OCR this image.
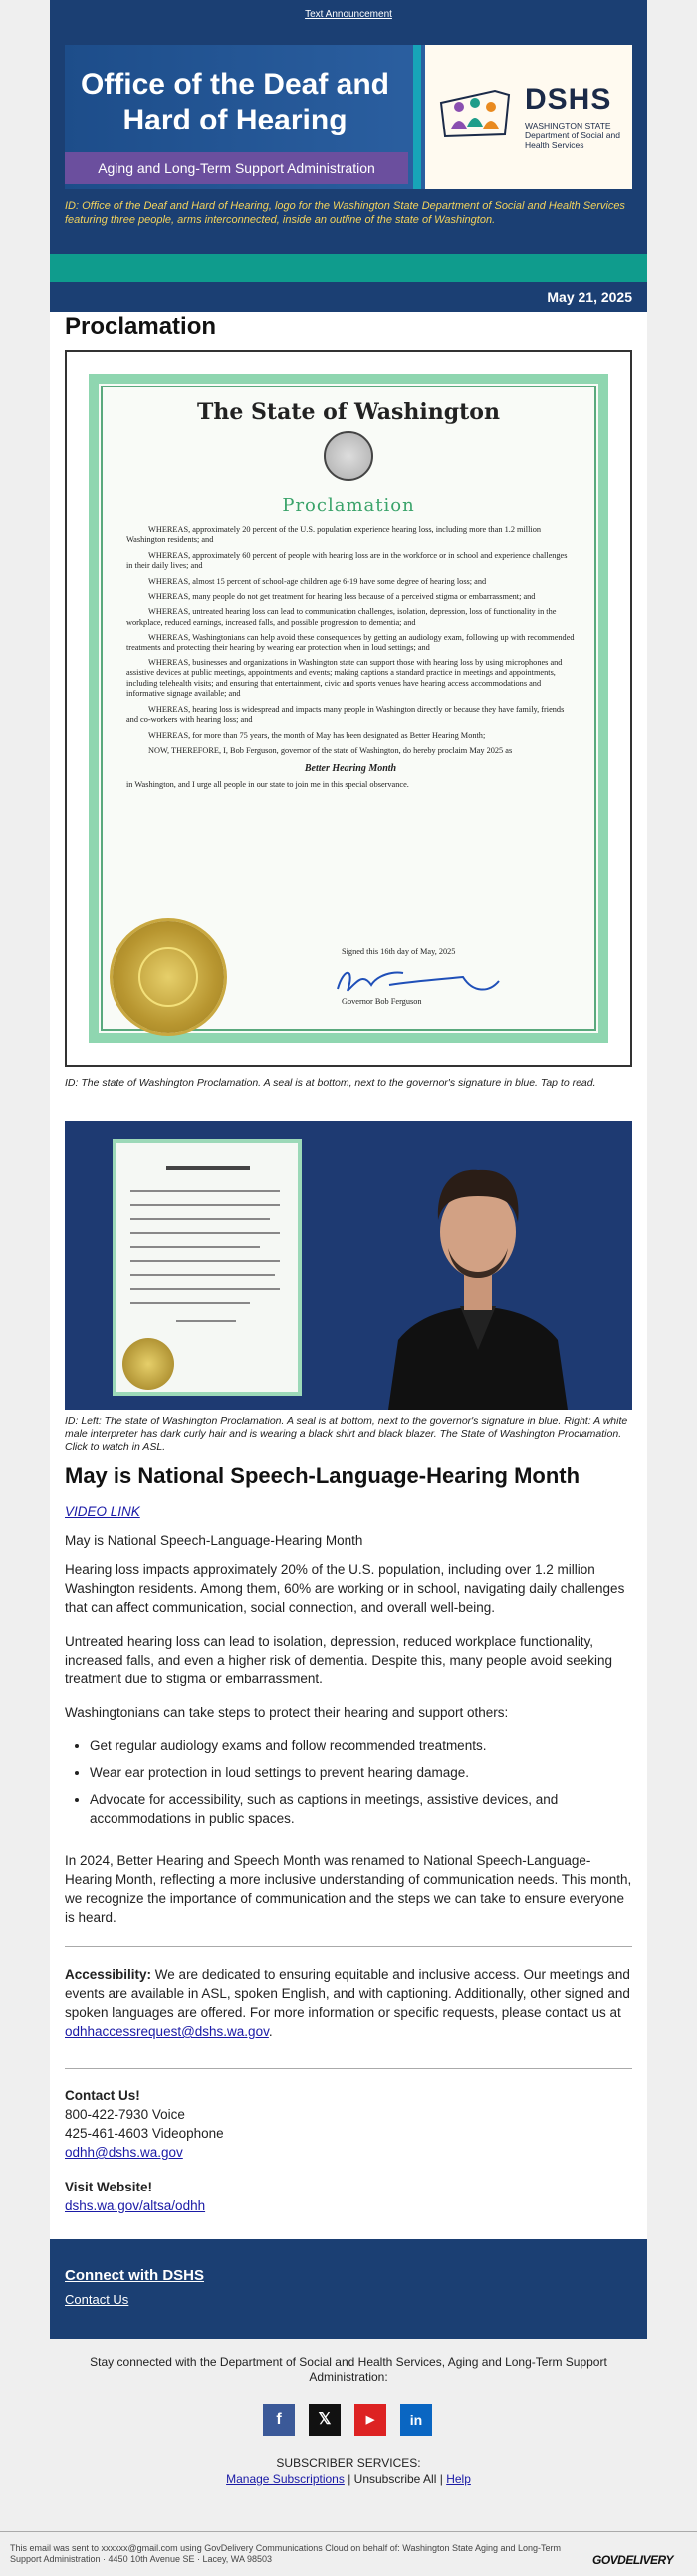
Text Announcement
Office of the Deaf and Hard of Hearing
Aging and Long-Term Support Administration
DSHS
WASHINGTON STATE Department of Social and Health Services
ID: Office of the Deaf and Hard of Hearing, logo for the Washington State Department of Social and Health Services featuring three people, arms interconnected, inside an outline of the state of Washington.
May 21, 2025
Proclamation
The State of Washington
Proclamation

WHEREAS, approximately 20 percent of the U.S. population experience hearing loss, including more than 1.2 million Washington residents; and

WHEREAS, approximately 60 percent of people with hearing loss are in the workforce or in school and experience challenges in their daily lives; and

WHEREAS, almost 15 percent of school-age children age 6-19 have some degree of hearing loss; and

WHEREAS, many people do not get treatment for hearing loss because of a perceived stigma or embarrassment; and

WHEREAS, untreated hearing loss can lead to communication challenges, isolation, depression, loss of functionality in the workplace, reduced earnings, increased falls, and possible progression to dementia; and

WHEREAS, Washingtonians can help avoid these consequences by getting an audiology exam, following up with recommended treatments and protecting their hearing by wearing ear protection when in loud settings; and

WHEREAS, businesses and organizations in Washington state can support those with hearing loss by using microphones and assistive devices at public meetings, appointments and events; making captions a standard practice in meetings and appointments, including telehealth visits; and ensuring that entertainment, civic and sports venues have hearing access accommodations and informative signage available; and

WHEREAS, hearing loss is widespread and impacts many people in Washington directly or because they have family, friends and co-workers with hearing loss; and

WHEREAS, for more than 75 years, the month of May has been designated as Better Hearing Month;

NOW, THEREFORE, I, Bob Ferguson, governor of the state of Washington, do hereby proclaim May 2025 as

Better Hearing Month

in Washington, and I urge all people in our state to join me in this special observance.

Signed this 16th day of May, 2025
Governor Bob Ferguson
ID: The state of Washington Proclamation. A seal is at bottom, next to the governor's signature in blue. Tap to read.
ID: Left: The state of Washington Proclamation. A seal is at bottom, next to the governor's signature in blue. Right: A white male interpreter has dark curly hair and is wearing a black shirt and black blazer. The State of Washington Proclamation. Click to watch in ASL.
May is National Speech-Language-Hearing Month
VIDEO LINK
May is National Speech-Language-Hearing Month
Hearing loss impacts approximately 20% of the U.S. population, including over 1.2 million Washington residents. Among them, 60% are working or in school, navigating daily challenges that can affect communication, social connection, and overall well-being.
Untreated hearing loss can lead to isolation, depression, reduced workplace functionality, increased falls, and even a higher risk of dementia. Despite this, many people avoid seeking treatment due to stigma or embarrassment.
Washingtonians can take steps to protect their hearing and support others:
• Get regular audiology exams and follow recommended treatments.
• Wear ear protection in loud settings to prevent hearing damage.
• Advocate for accessibility, such as captions in meetings, assistive devices, and accommodations in public spaces.
In 2024, Better Hearing and Speech Month was renamed to National Speech-Language-Hearing Month, reflecting a more inclusive understanding of communication needs. This month, we recognize the importance of communication and the steps we can take to ensure everyone is heard.
Accessibility: We are dedicated to ensuring equitable and inclusive access. Our meetings and events are available in ASL, spoken English, and with captioning. Additionally, other signed and spoken languages are offered. For more information or specific requests, please contact us at odhhaccessrequest@dshs.wa.gov.
Contact Us!
800-422-7930 Voice
425-461-4603 Videophone
odhh@dshs.wa.gov
Visit Website!
dshs.wa.gov/altsa/odhh
Connect with DSHS
Contact Us
Stay connected with the Department of Social and Health Services, Aging and Long-Term Support Administration:
f	𝕏	▶	in
SUBSCRIBER SERVICES:
Manage Subscriptions | Unsubscribe All | Help
This email was sent to xxxxxx@gmail.com using GovDelivery Communications Cloud on behalf of: Washington State Aging and Long-Term Support Administration · 4450 10th Avenue SE · Lacey, WA 98503	GOVDELIVERY
